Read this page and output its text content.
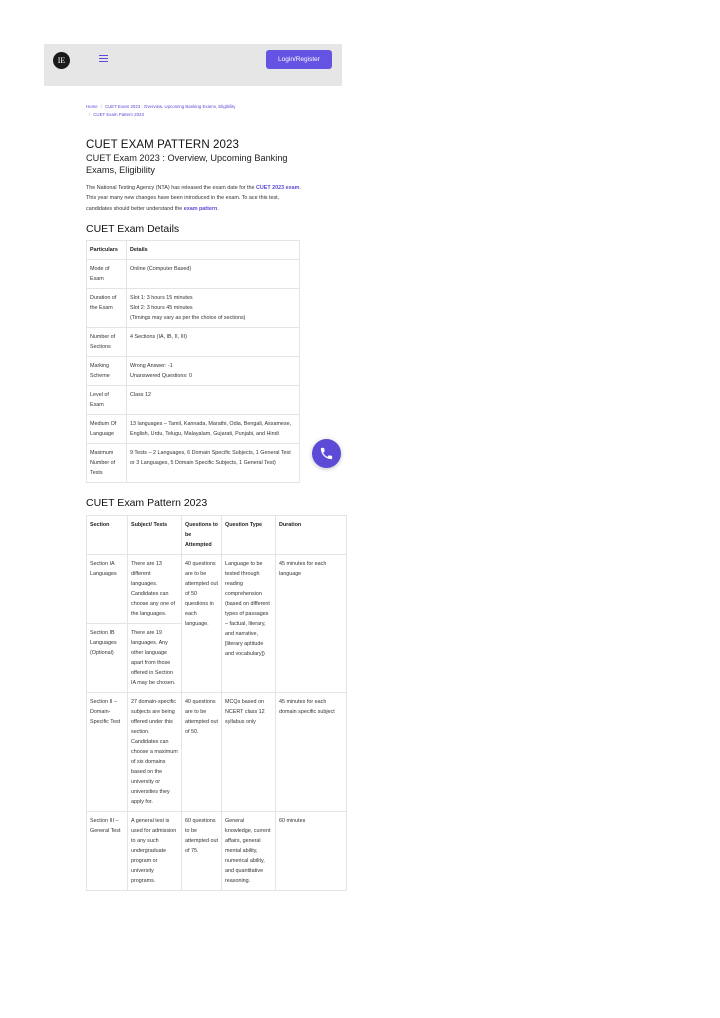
IE	Login/Register
Home / CUET Exam 2023 : Overview, Upcoming Banking Exams, Eligibility
/ CUET Exam Pattern 2023
CUET EXAM PATTERN 2023
CUET Exam 2023 : Overview, Upcoming Banking Exams, Eligibility
The National Testing Agency (NTA) has released the exam date for the CUET 2023 exam. This year many new changes have been introduced in the exam. To ace this test, candidates should better understand the exam pattern.
CUET Exam Details
Particulars	Details
Mode of Exam	Online (Computer Based)
Duration of the Exam	Slot 1: 3 hours 15 minutes
Slot 2: 3 hours 45 minutes
(Timings may vary as per the choice of sections)
Number of Sections	4 Sections (IA, IB, II, III)
Marking Scheme	Wrong Answer: -1
Unanswered Questions: 0
Level of Exam	Class 12
Medium Of Language	13 languages – Tamil, Kannada, Marathi, Odia, Bengali, Assamese, English, Urdu, Telugu, Malayalam, Gujarati, Punjabi, and Hindi
Maximum Number of Tests	9 Tests – 2 Languages, 6 Domain Specific Subjects, 1 General Test or 3 Languages, 5 Domain Specific Subjects, 1 General Test)
CUET Exam Pattern 2023
Section	Subject/ Tests	Questions to be Attempted	Question Type	Duration
Section IA Languages	There are 13 different languages. Candidates can choose any one of the languages.	40 questions are to be attempted out of 50 questions in each language.	Language to be tested through reading comprehension (based on different types of passages – factual, literary, and narrative, [literary aptitude and vocabulary])	45 minutes for each language
Section IB Languages (Optional)	There are 19 languages. Any other language apart from those offered in Section IA may be chosen.			
Section II – Domain-Specific Test	27 domain-specific subjects are being offered under this section. Candidates can choose a maximum of six domains based on the university or universities they apply for.	40 questions are to be attempted out of 50.	MCQs based on NCERT class 12 syllabus only	45 minutes for each domain specific subject
Section III – General Test	A general test is used for admission to any such undergraduate program or university programs.	60 questions to be attempted out of 75.	General knowledge, current affairs, general mental ability, numerical ability, and quantitative reasoning.	60 minutes
